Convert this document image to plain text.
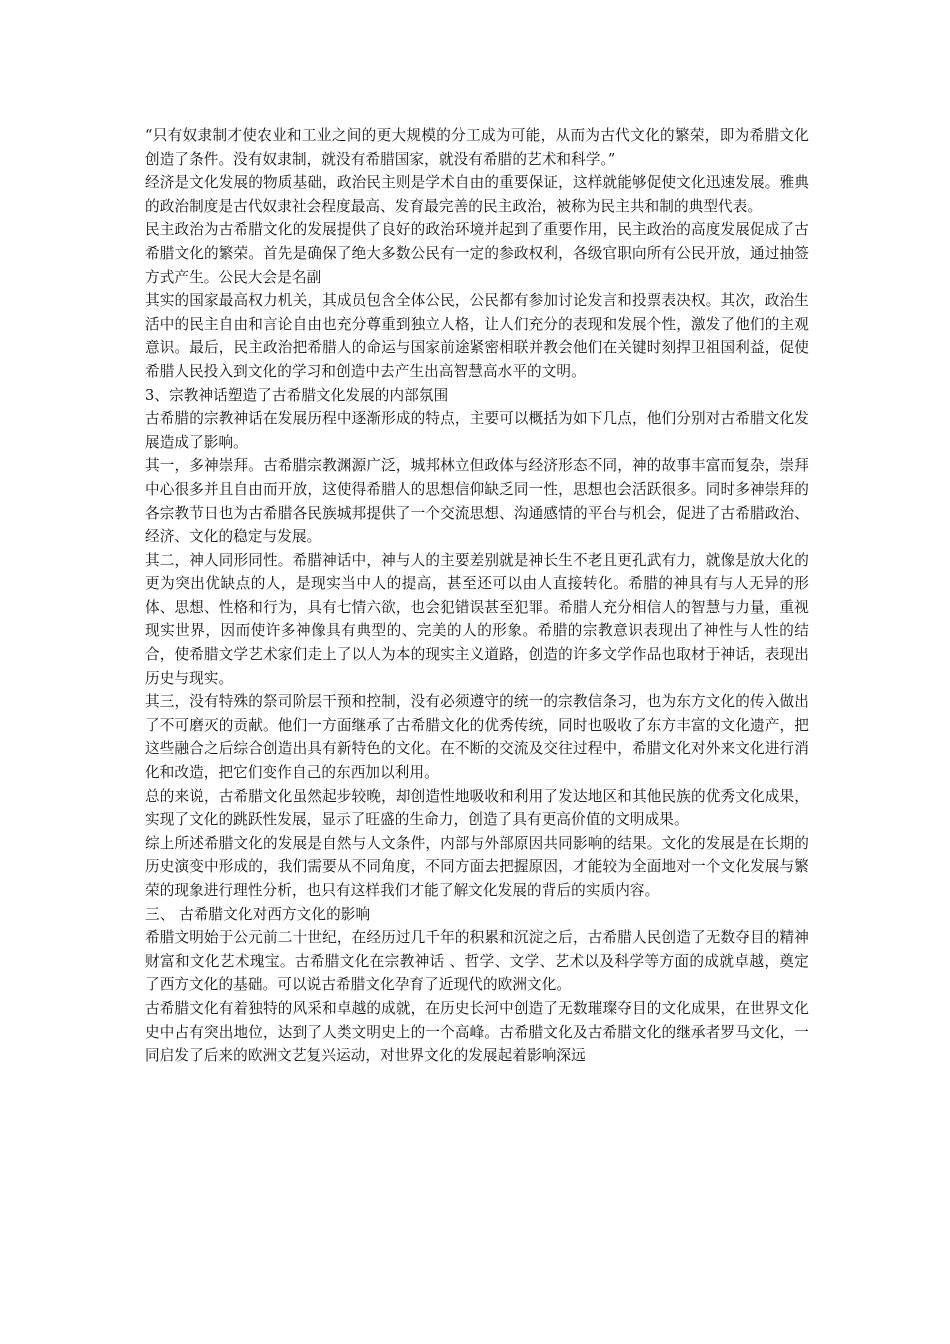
“只有奴隶制才使农业和工业之间的更大规模的分工成为可能，从而为古代文化的繁荣，即为希腊文化创造了条件。没有奴隶制，就没有希腊国家，就没有希腊的艺术和科学。”

经济是文化发展的物质基础，政治民主则是学术自由的重要保证，这样就能够促使文化迅速发展。雅典的政治制度是古代奴隶社会程度最高、发育最完善的民主政治，被称为民主共和制的典型代表。

民主政治为古希腊文化的发展提供了良好的政治环境并起到了重要作用，民主政治的高度发展促成了古希腊文化的繁荣。首先是确保了绝大多数公民有一定的参政权利，各级官职向所有公民开放，通过抽签方式产生。公民大会是名副

其实的国家最高权力机关，其成员包含全体公民，公民都有参加讨论发言和投票表决权。其次，政治生活中的民主自由和言论自由也充分尊重到独立人格，让人们充分的表现和发展个性，激发了他们的主观意识。最后，民主政治把希腊人的命运与国家前途紧密相联并教会他们在关键时刻捍卫祖国利益，促使希腊人民投入到文化的学习和创造中去产生出高智慧高水平的文明。

3、宗教神话塑造了古希腊文化发展的内部氛围

古希腊的宗教神话在发展历程中逐渐形成的特点，主要可以概括为如下几点，他们分别对古希腊文化发展造成了影响。

其一，多神崇拜。古希腊宗教渊源广泛，城邦林立但政体与经济形态不同，神的故事丰富而复杂，崇拜中心很多并且自由而开放，这使得希腊人的思想信仰缺乏同一性，思想也会活跃很多。同时多神崇拜的各宗教节日也为古希腊各民族城邦提供了一个交流思想、沟通感情的平台与机会，促进了古希腊政治、经济、文化的稳定与发展。

其二，神人同形同性。希腊神话中，神与人的主要差别就是神长生不老且更孔武有力，就像是放大化的更为突出优缺点的人，是现实当中人的提高，甚至还可以由人直接转化。希腊的神具有与人无异的形体、思想、性格和行为，具有七情六欲，也会犯错误甚至犯罪。希腊人充分相信人的智慧与力量，重视现实世界，因而使许多神像具有典型的、完美的人的形象。希腊的宗教意识表现出了神性与人性的结合，使希腊文学艺术家们走上了以人为本的现实主义道路，创造的许多文学作品也取材于神话，表现出历史与现实。

其三，没有特殊的祭司阶层干预和控制，没有必须遵守的统一的宗教信条习，也为东方文化的传入做出了不可磨灭的贡献。他们一方面继承了古希腊文化的优秀传统，同时也吸收了东方丰富的文化遗产，把这些融合之后综合创造出具有新特色的文化。在不断的交流及交往过程中，希腊文化对外来文化进行消化和改造，把它们变作自己的东西加以利用。

总的来说，古希腊文化虽然起步较晚，却创造性地吸收和利用了发达地区和其他民族的优秀文化成果，实现了文化的跳跃性发展，显示了旺盛的生命力，创造了具有更高价值的文明成果。

综上所述希腊文化的发展是自然与人文条件，内部与外部原因共同影响的结果。文化的发展是在长期的历史演变中形成的，我们需要从不同角度，不同方面去把握原因，才能较为全面地对一个文化发展与繁荣的现象进行理性分析，也只有这样我们才能了解文化发展的背后的实质内容。

三、 古希腊文化对西方文化的影响

希腊文明始于公元前二十世纪，在经历过几千年的积累和沉淀之后，古希腊人民创造了无数夺目的精神财富和文化艺术瑰宝。古希腊文化在宗教神话 、哲学、文学、艺术以及科学等方面的成就卓越，奠定了西方文化的基础。可以说古希腊文化孕育了近现代的欧洲文化。

古希腊文化有着独特的风采和卓越的成就，在历史长河中创造了无数璀璨夺目的文化成果，在世界文化史中占有突出地位，达到了人类文明史上的一个高峰。古希腊文化及古希腊文化的继承者罗马文化，一同启发了后来的欧洲文艺复兴运动，对世界文化的发展起着影响深远
